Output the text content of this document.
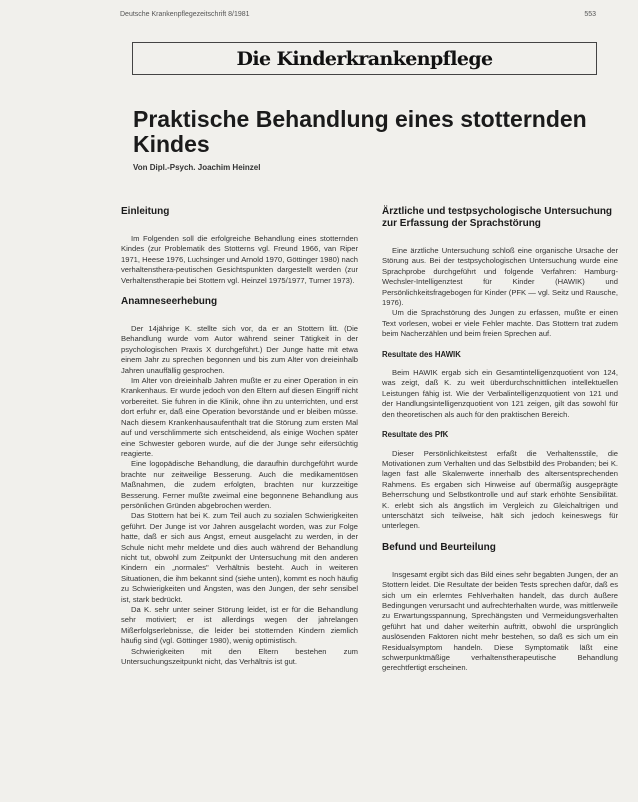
Deutsche Krankenpflegezeitschrift 8/1981	553
Die Kinderkrankenpflege
Praktische Behandlung eines stotternden Kindes
Von Dipl.-Psych. Joachim Heinzel
Einleitung

Im Folgenden soll die erfolgreiche Behandlung eines stotternden Kindes (zur Problematik des Stotterns vgl. Freund 1966, van Riper 1971, Heese 1976, Luchsinger und Arnold 1970, Göttinger 1980) nach verhaltensthera-peutischen Gesichtspunkten dargestellt werden (zur Verhaltenstherapie bei Stottern vgl. Heinzel 1975/1977, Turner 1973).

Anamneseerhebung

Der 14jährige K. stellte sich vor, da er an Stottern litt. (Die Behandlung wurde vom Autor während seiner Tätigkeit in der psychologischen Praxis X durchgeführt.) Der Junge hatte mit etwa einem Jahr zu sprechen begonnen und bis zum Alter von dreieinhalb Jahren unauffällig gesprochen.

Im Alter von dreieinhalb Jahren mußte er zu einer Operation in ein Krankenhaus. Er wurde jedoch von den Eltern auf diesen Eingriff nicht vorbereitet. Sie fuhren in die Klinik, ohne ihn zu unterrichten, und erst dort erfuhr er, daß eine Operation bevorstände und er bleiben müsse. Nach diesem Krankenhausaufenthalt trat die Störung zum ersten Mal auf und verschlimmerte sich entscheidend, als einige Wochen später eine Schwester geboren wurde, auf die der Junge sehr eifersüchtig reagierte.

Eine logopädische Behandlung, die daraufhin durchgeführt wurde brachte nur zeitweilige Besserung. Auch die medikamentösen Maßnahmen, die zudem erfolgten, brachten nur kurzzeitige Besserung. Ferner mußte zweimal eine begonnene Behandlung aus persönlichen Gründen abgebrochen werden.

Das Stottern hat bei K. zum Teil auch zu sozialen Schwierigkeiten geführt. Der Junge ist vor Jahren ausgelacht worden, was zur Folge hatte, daß er sich aus Angst, erneut ausgelacht zu werden, in der Schule nicht mehr meldete und dies auch während der Behandlung nicht tut, obwohl zum Zeitpunkt der Untersuchung mit den anderen Kindern ein „normales" Verhältnis besteht. Auch in weiteren Situationen, die ihm bekannt sind (siehe unten), kommt es noch häufig zu Schwierigkeiten und Ängsten, was den Jungen, der sehr sensibel ist, stark bedrückt.

Da K. sehr unter seiner Störung leidet, ist er für die Behandlung sehr motiviert; er ist allerdings wegen der jahrelangen Mißerfolgserlebnisse, die leider bei stotternden Kindern ziemlich häufig sind (vgl. Göttinger 1980), wenig optimistisch.

Schwierigkeiten mit den Eltern bestehen zum Untersuchungszeitpunkt nicht, das Verhältnis ist gut.

Ärztliche und testpsychologische Untersuchung zur Erfassung der Sprachstörung

Eine ärztliche Untersuchung schloß eine organische Ursache der Störung aus. Bei der testpsychologischen Untersuchung wurde eine Sprachprobe durchgeführt und folgende Verfahren: Hamburg-Wechsler-Intelligenztest für Kinder (HAWIK) und Persönlichkeitsfragebogen für Kinder (PFK — vgl. Seitz und Rausche, 1976).

Um die Sprachstörung des Jungen zu erfassen, mußte er einen Text vorlesen, wobei er viele Fehler machte. Das Stottern trat zudem beim Nacherzählen und beim freien Sprechen auf.

Resultate des HAWIK

Beim HAWIK ergab sich ein Gesamtintelligenzquotient von 124, was zeigt, daß K. zu weit überdurchschnittlichen intellektuellen Leistungen fähig ist. Wie der Verbalintelligenzquotient von 121 und der Handlungsintelligenzquotient von 121 zeigen, gilt das sowohl für den theoretischen als auch für den praktischen Bereich.

Resultate des PfK

Dieser Persönlichkeitstest erfaßt die Verhaltensstile, die Motivationen zum Verhalten und das Selbstbild des Probanden; bei K. lagen fast alle Skalenwerte innerhalb des altersentsprechenden Rahmens. Es ergaben sich Hinweise auf übermäßig ausgeprägte Beherrschung und Selbstkontrolle und auf stark erhöhte Sensibilität. K. erlebt sich als ängstlich im Vergleich zu Gleichaltrigen und unterschätzt sich teilweise, hält sich jedoch keineswegs für unterlegen.

Befund und Beurteilung

Insgesamt ergibt sich das Bild eines sehr begabten Jungen, der an Stottern leidet. Die Resultate der beiden Tests sprechen dafür, daß es sich um ein erlerntes Fehlverhalten handelt, das durch äußere Bedingungen verursacht und aufrechterhalten wurde, was mittlerweile zu Erwartungsspannung, Sprechängsten und Vermeidungsverhalten geführt hat und daher weiterhin auftritt, obwohl die ursprünglich auslösenden Faktoren nicht mehr bestehen, so daß es sich um ein Residualsymptom handeln. Diese Symptomatik läßt eine schwerpunktmäßige verhaltenstherapeutische Behandlung gerechtfertigt erscheinen.
